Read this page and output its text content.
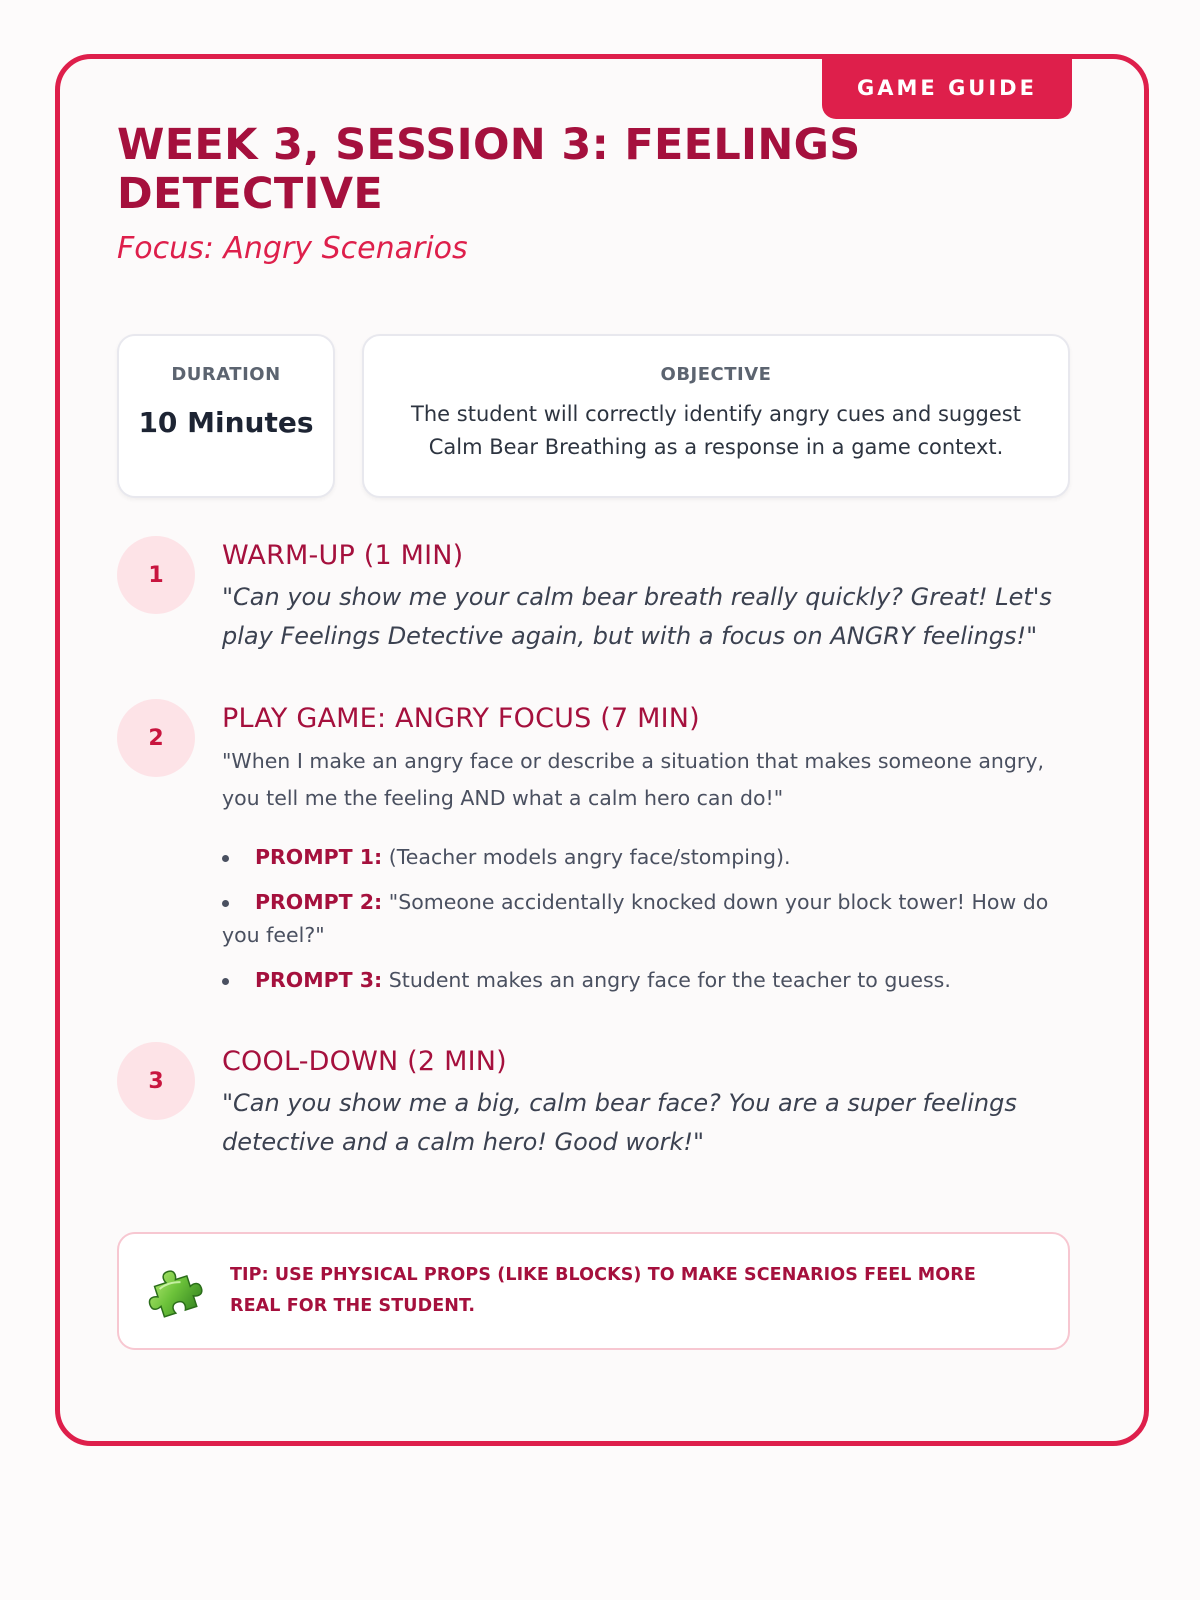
GAME GUIDE
WEEK 3, SESSION 3: FEELINGS DETECTIVE

Focus: Angry Scenarios

DURATION
10 Minutes
OBJECTIVE
The student will correctly identify angry cues and suggest Calm Bear Breathing as a response in a game context.
1
WARM-UP (1 MIN)

"Can you show me your calm bear breath really quickly? Great! Let's play Feelings Detective again, but with a focus on ANGRY feelings!"

2
PLAY GAME: ANGRY FOCUS (7 MIN)

"When I make an angry face or describe a situation that makes someone angry, you tell me the feeling AND what a calm hero can do!"

PROMPT 1: (Teacher models angry face/stomping).
PROMPT 2: "Someone accidentally knocked down your block tower! How do you feel?"
PROMPT 3: Student makes an angry face for the teacher to guess.
3
COOL-DOWN (2 MIN)

"Can you show me a big, calm bear face? You are a super feelings detective and a calm hero! Good work!"

TIP: USE PHYSICAL PROPS (LIKE BLOCKS) TO MAKE SCENARIOS FEEL MORE REAL FOR THE STUDENT.
